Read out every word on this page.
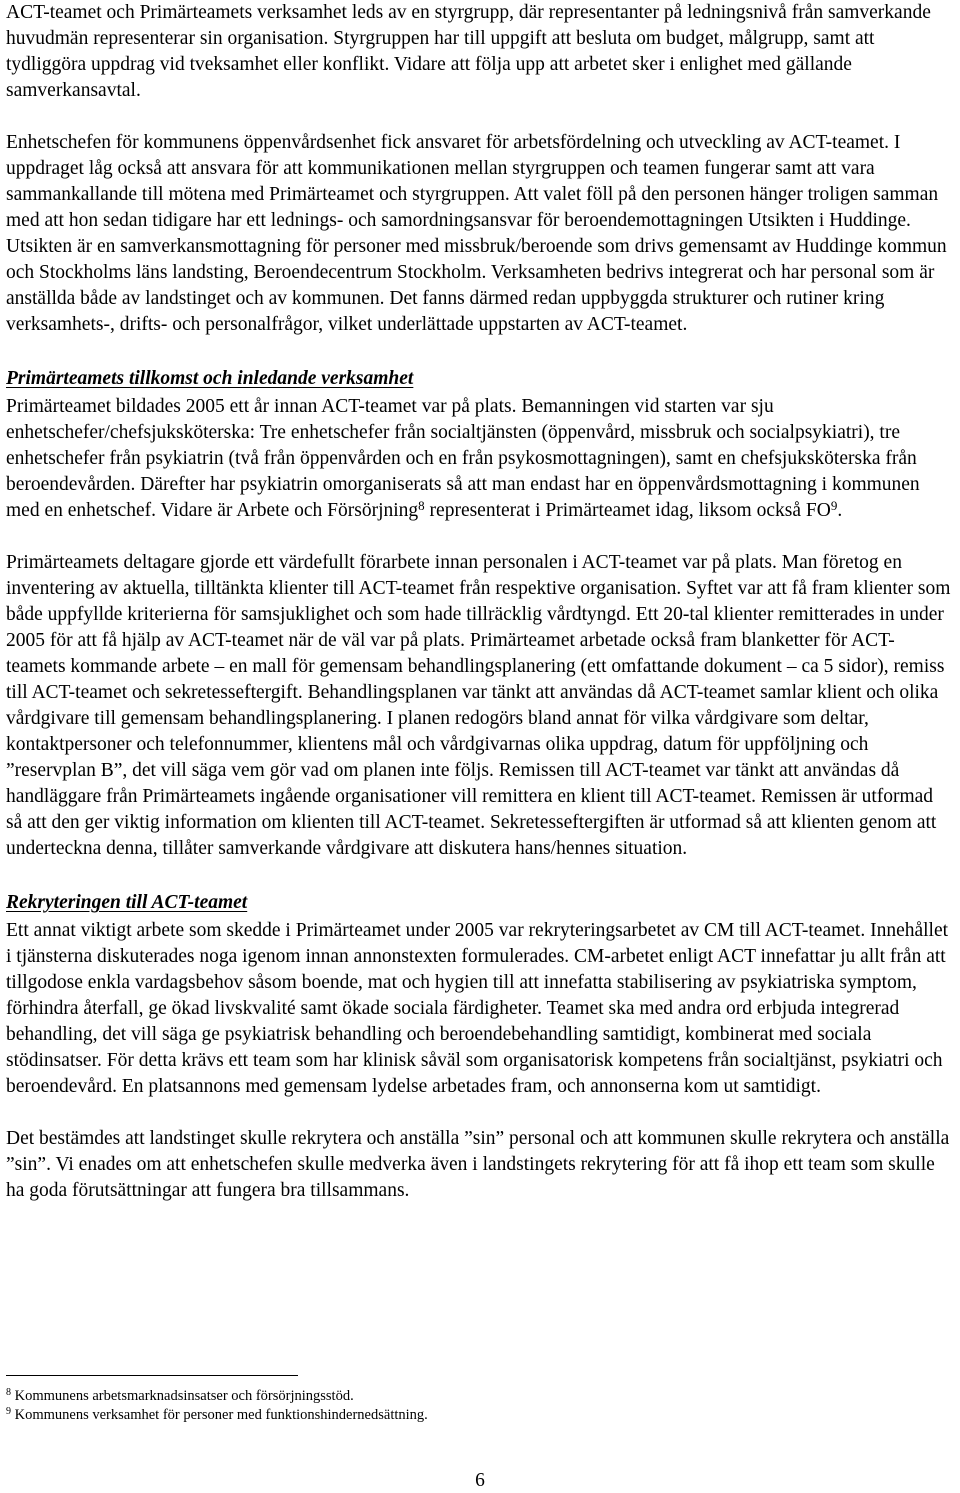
ACT-teamet och Primärteamets verksamhet leds av en styrgrupp, där representanter på ledningsnivå från samverkande huvudmän representerar sin organisation. Styrgruppen har till uppgift att besluta om budget, målgrupp, samt att tydliggöra uppdrag vid tveksamhet eller konflikt. Vidare att följa upp att arbetet sker i enlighet med gällande samverkansavtal.

Enhetschefen för kommunens öppenvårdsenhet fick ansvaret för arbetsfördelning och utveckling av ACT-teamet. I uppdraget låg också att ansvara för att kommunikationen mellan styrgruppen och teamen fungerar samt att vara sammankallande till mötena med Primärteamet och styrgruppen. Att valet föll på den personen hänger troligen samman med att hon sedan tidigare har ett lednings- och samordningsansvar för beroendemottagningen Utsikten i Huddinge. Utsikten är en samverkansmottagning för personer med missbruk/beroende som drivs gemensamt av Huddinge kommun och Stockholms läns landsting, Beroendecentrum Stockholm. Verksamheten bedrivs integrerat och har personal som är anställda både av landstinget och av kommunen. Det fanns därmed redan uppbyggda strukturer och rutiner kring verksamhets-, drifts- och personalfrågor, vilket underlättade uppstarten av ACT-teamet.

Primärteamets tillkomst och inledande verksamhet

Primärteamet bildades 2005 ett år innan ACT-teamet var på plats. Bemanningen vid starten var sju enhetschefer/chefsjuksköterska: Tre enhetschefer från socialtjänsten (öppenvård, missbruk och socialpsykiatri), tre enhetschefer från psykiatrin (två från öppenvården och en från psykosmottagningen), samt en chefsjuksköterska från beroendevården. Därefter har psykiatrin omorganiserats så att man endast har en öppenvårdsmottagning i kommunen med en enhetschef. Vidare är Arbete och Försörjning$^8$ representerat i Primärteamet idag, liksom också $FO^9$.

Primärteamets deltagare gjorde ett värdefullt förarbete innan personalen i ACT-teamet var på plats. Man företog en inventering av aktuella, tilltänkta klienter till ACT-teamet från respektive organisation. Syftet var att få fram klienter som både uppfyllde kriterierna för samsjuklighet och som hade tillräcklig vårdtyngd. Ett 20-tal klienter remitterades in under 2005 för att få hjälp av ACT-teamet när de väl var på plats. Primärteamet arbetade också fram blanketter för ACT-teamets kommande arbete – en mall för gemensam behandlingsplanering (ett omfattande dokument – ca 5 sidor), remiss till ACT-teamet och sekretesseftergift. Behandlingsplanen var tänkt att användas då ACT-teamet samlar klient och olika vårdgivare till gemensam behandlingsplanering. I planen redogörs bland annat för vilka vårdgivare som deltar, kontaktpersoner och telefonnummer, klientens mål och vårdgivarnas olika uppdrag, datum för uppföljning och ”reservplan B”, det vill säga vem gör vad om planen inte följs. Remissen till ACT-teamet var tänkt att användas då handläggare från Primärteamets ingående organisationer vill remittera en klient till ACT-teamet. Remissen är utformad så att den ger viktig information om klienten till ACT-teamet. Sekretesseftergiften är utformad så att klienten genom att underteckna denna, tillåter samverkande vårdgivare att diskutera hans/hennes situation.

Rekryteringen till ACT-teamet

Ett annat viktigt arbete som skedde i Primärteamet under 2005 var rekryteringsarbetet av CM till ACT-teamet. Innehållet i tjänsterna diskuterades noga igenom innan annonstexten formulerades. CM-arbetet enligt ACT innefattar ju allt från att tillgodose enkla vardagsbehov såsom boende, mat och hygien till att innefatta stabilisering av psykiatriska symptom, förhindra återfall, ge ökad livskvalité samt ökade sociala färdigheter. Teamet ska med andra ord erbjuda integrerad behandling, det vill säga ge psykiatrisk behandling och beroendebehandling samtidigt, kombinerat med sociala stödinsatser. För detta krävs ett team som har klinisk såväl som organisatorisk kompetens från socialtjänst, psykiatri och beroendevård. En platsannons med gemensam lydelse arbetades fram, och annonserna kom ut samtidigt.

Det bestämdes att landstinget skulle rekrytera och anställa ”sin” personal och att kommunen skulle rekrytera och anställa ”sin”. Vi enades om att enhetschefen skulle medverka även i landstingets rekrytering för att få ihop ett team som skulle ha goda förutsättningar att fungera bra tillsammans.

$^8$ Kommunens arbetsmarknadsinsatser och försörjningsstöd.
$^9$ Kommunens verksamhet för personer med funktionshindernedsättning.
6
